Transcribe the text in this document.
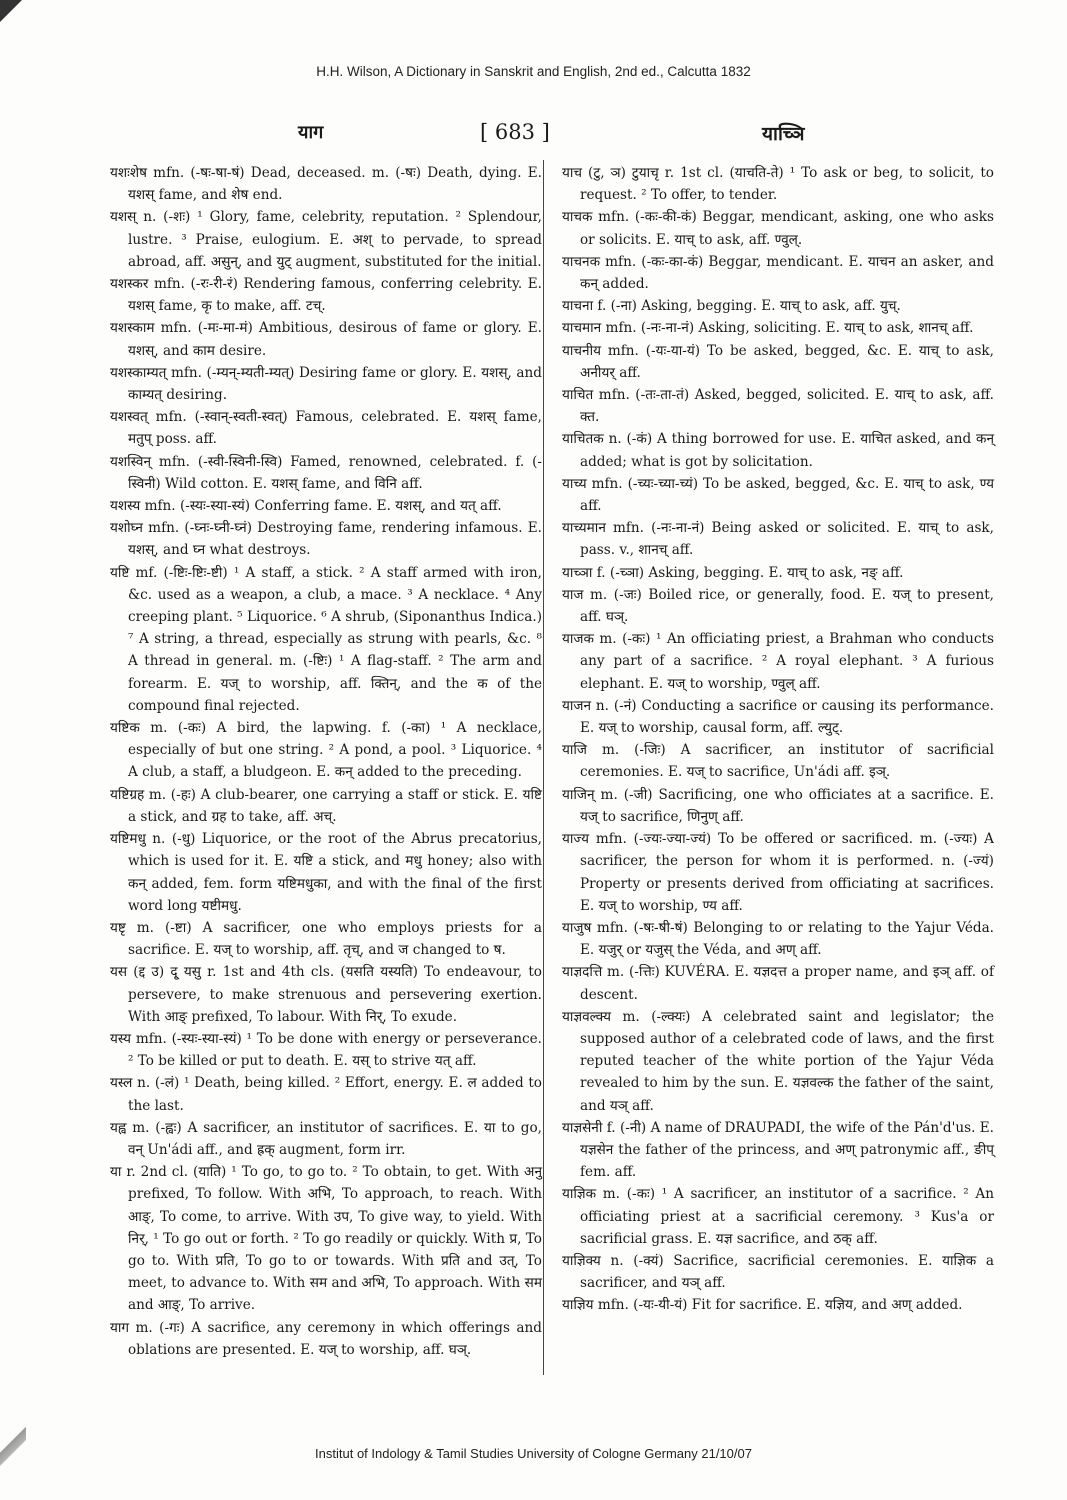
H.H. Wilson, A Dictionary in Sanskrit and English, 2nd ed., Calcutta 1832
याग	[ 683 ]	याच्ञि

यशःशेष mfn. (-षः-षा-षं) Dead, deceased. m. (-षः) Death, dying. E. यशस् fame, and शेष end.

यशस् n. (-शः) ¹ Glory, fame, celebrity, reputation. ² Splendour, lustre. ³ Praise, eulogium. E. अश् to pervade, to spread abroad, aff. असुन्, and युट् augment, substituted for the initial.

यशस्कर mfn. (-रः-री-रं) Rendering famous, conferring celebrity. E. यशस् fame, कृ to make, aff. टच्.

यशस्काम mfn. (-मः-मा-मं) Ambitious, desirous of fame or glory. E. यशस्, and काम desire.

यशस्काम्यत् mfn. (-म्यन्-म्यती-म्यत्) Desiring fame or glory. E. यशस्, and काम्यत् desiring.

यशस्वत् mfn. (-स्वान्-स्वती-स्वत्) Famous, celebrated. E. यशस् fame, मतुप् poss. aff.

यशस्विन् mfn. (-स्वी-स्विनी-स्वि) Famed, renowned, celebrated. f. (-स्विनी) Wild cotton. E. यशस् fame, and विनि aff.

यशस्य mfn. (-स्यः-स्या-स्यं) Conferring fame. E. यशस्, and यत् aff.

यशोघ्न mfn. (-घ्नः-घ्नी-घ्नं) Destroying fame, rendering infamous. E. यशस्, and घ्न what destroys.

यष्टि mf. (-ष्टिः-ष्टिः-ष्टी) ¹ A staff, a stick. ² A staff armed with iron, &c. used as a weapon, a club, a mace. ³ A necklace. ⁴ Any creeping plant. ⁵ Liquorice. ⁶ A shrub, (Siponanthus Indica.) ⁷ A string, a thread, especially as strung with pearls, &c. ⁸ A thread in general. m. (-ष्टिः) ¹ A flag-staff. ² The arm and forearm. E. यज् to worship, aff. क्तिन्, and the क of the compound final rejected.

यष्टिक m. (-कः) A bird, the lapwing. f. (-का) ¹ A necklace, especially of but one string. ² A pond, a pool. ³ Liquorice. ⁴ A club, a staff, a bludgeon. E. कन् added to the preceding.

यष्टिग्रह m. (-हः) A club-bearer, one carrying a staff or stick. E. यष्टि a stick, and ग्रह to take, aff. अच्.

यष्टिमधु n. (-धु) Liquorice, or the root of the Abrus precatorius, which is used for it. E. यष्टि a stick, and मधु honey; also with कन् added, fem. form यष्टिमधुका, and with the final of the first word long यष्टीमधु.

यष्टृ m. (-ष्टा) A sacrificer, one who employs priests for a sacrifice. E. यज् to worship, aff. तृच्, and ज changed to ष.

यस (द्द उ) दृ्‌ यसु r. 1st and 4th cls. (यसति यस्यति) To endeavour, to persevere, to make strenuous and persevering exertion. With आङ् prefixed, To labour. With निर्, To exude.

यस्य mfn. (-स्यः-स्या-स्यं) ¹ To be done with energy or perseverance. ² To be killed or put to death. E. यस् to strive यत् aff.

यस्‍ल n. (-लं) ¹ Death, being killed. ² Effort, energy. E. ल added to the last.

यह्व m. (-ह्वः) A sacrificer, an institutor of sacrifices. E. या to go, वन् Un'ádi aff., and ह्रक् augment, form irr.

या r. 2nd cl. (याति) ¹ To go, to go to. ² To obtain, to get. With अनु prefixed, To follow. With अभि, To approach, to reach. With आङ्, To come, to arrive. With उप, To give way, to yield. With निर्, ¹ To go out or forth. ² To go readily or quickly. With प्र, To go to. With प्रति, To go to or towards. With प्रति and उत्, To meet, to advance to. With सम and अभि, To approach. With सम and आङ्, To arrive.

याग m. (-गः) A sacrifice, any ceremony in which offerings and oblations are presented. E. यज् to worship, aff. घञ्.

याच (टु, ञ) टुयाचृ r. 1st cl. (याचति-ते) ¹ To ask or beg, to solicit, to request. ² To offer, to tender.

याचक mfn. (-कः-की-कं) Beggar, mendicant, asking, one who asks or solicits. E. याच् to ask, aff. ण्वुल्.

याचनक mfn. (-कः-का-कं) Beggar, mendicant. E. याचन an asker, and कन् added.

याचना f. (-ना) Asking, begging. E. याच् to ask, aff. युच्.

याचमान mfn. (-नः-ना-नं) Asking, soliciting. E. याच् to ask, शानच् aff.

याचनीय mfn. (-यः-या-यं) To be asked, begged, &c. E. याच् to ask, अनीयर् aff.

याचित mfn. (-तः-ता-तं) Asked, begged, solicited. E. याच् to ask, aff. क्त.

याचितक n. (-कं) A thing borrowed for use. E. याचित asked, and कन् added; what is got by solicitation.

याच्य mfn. (-च्यः-च्या-च्यं) To be asked, begged, &c. E. याच् to ask, ण्य aff.

याच्यमान mfn. (-नः-ना-नं) Being asked or solicited. E. याच् to ask, pass. v., शानच् aff.

याच्ञा f. (-च्ञा) Asking, begging. E. याच् to ask, नङ् aff.

याज m. (-जः) Boiled rice, or generally, food. E. यज् to present, aff. घञ्.

याजक m. (-कः) ¹ An officiating priest, a Brahman who conducts any part of a sacrifice. ² A royal elephant. ³ A furious elephant. E. यज् to worship, ण्वुल् aff.

याजन n. (-नं) Conducting a sacrifice or causing its performance. E. यज् to worship, causal form, aff. ल्युट्.

याजि m. (-जिः) A sacrificer, an institutor of sacrificial ceremonies. E. यज् to sacrifice, Un'ádi aff. इञ्.

याजिन् m. (-जी) Sacrificing, one who officiates at a sacrifice. E. यज् to sacrifice, णिनुण् aff.

याज्य mfn. (-ज्यः-ज्या-ज्यं) To be offered or sacrificed. m. (-ज्यः) A sacrificer, the person for whom it is performed. n. (-ज्यं) Property or presents derived from officiating at sacrifices. E. यज् to worship, ण्य aff.

याजुष mfn. (-षः-षी-षं) Belonging to or relating to the Yajur Véda. E. यजुर् or यजुस् the Véda, and अण् aff.

याज्ञदत्ति m. (-त्तिः) KUVÉRA. E. यज्ञदत्त a proper name, and इञ् aff. of descent.

याज्ञवल्क्य m. (-ल्क्यः) A celebrated saint and legislator; the supposed author of a celebrated code of laws, and the first reputed teacher of the white portion of the Yajur Véda revealed to him by the sun. E. यज्ञवल्क the father of the saint, and यञ् aff.

याज्ञसेनी f. (-नी) A name of DRAUPADI, the wife of the Pán'd'us. E. यज्ञसेन the father of the princess, and अण् patronymic aff., ङीप् fem. aff.

याज्ञिक m. (-कः) ¹ A sacrificer, an institutor of a sacrifice. ² An officiating priest at a sacrificial ceremony. ³ Kus'a or sacrificial grass. E. यज्ञ sacrifice, and ठक् aff.

याज्ञिक्य n. (-क्यं) Sacrifice, sacrificial ceremonies. E. याज्ञिक a sacrificer, and यञ् aff.

याज्ञिय mfn. (-यः-यी-यं) Fit for sacrifice. E. यज्ञिय, and अण् added.

Institut of Indology & Tamil Studies University of Cologne Germany 21/10/07
